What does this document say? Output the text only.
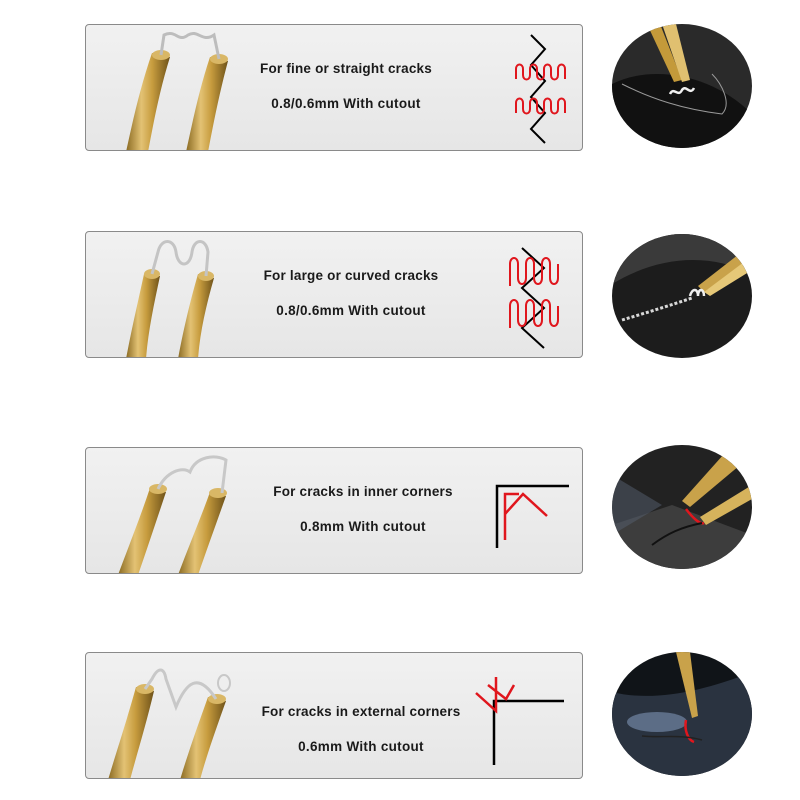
For fine or straight cracks
0.8/0.6mm With cutout
For large or curved cracks
0.8/0.6mm With cutout
For cracks in inner corners
0.8mm With cutout
For cracks in external corners
0.6mm With cutout
